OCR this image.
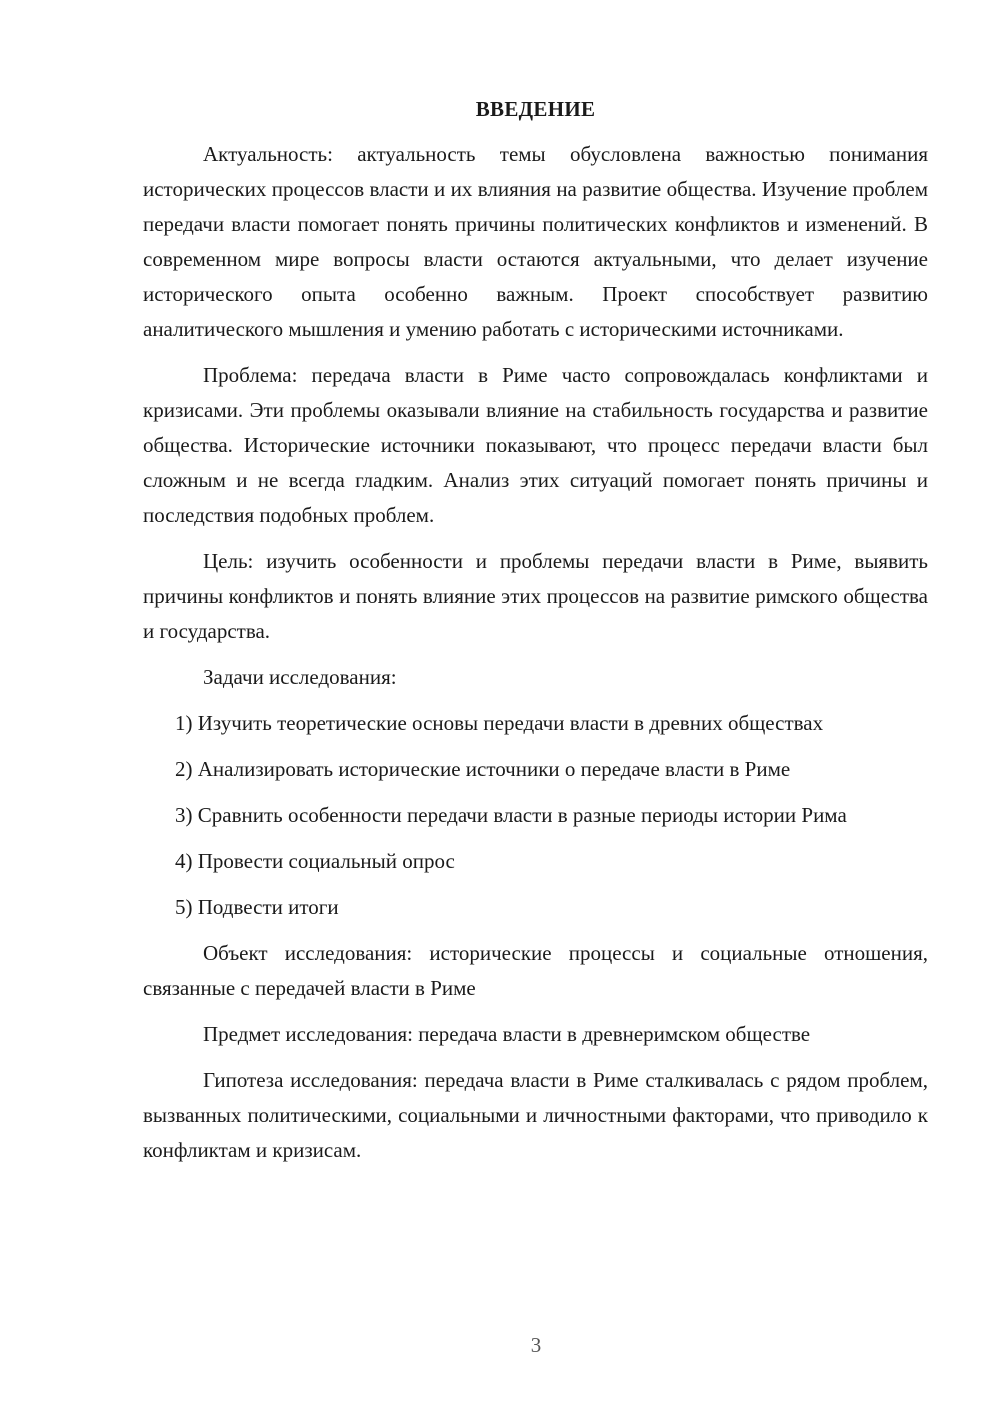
ВВЕДЕНИЕ
Актуальность: актуальность темы обусловлена важностью понимания исторических процессов власти и их влияния на развитие общества. Изучение проблем передачи власти помогает понять причины политических конфликтов и изменений. В современном мире вопросы власти остаются актуальными, что делает изучение исторического опыта особенно важным. Проект способствует развитию аналитического мышления и умению работать с историческими источниками.
Проблема: передача власти в Риме часто сопровождалась конфликтами и кризисами. Эти проблемы оказывали влияние на стабильность государства и развитие общества. Исторические источники показывают, что процесс передачи власти был сложным и не всегда гладким. Анализ этих ситуаций помогает понять причины и последствия подобных проблем.
Цель: изучить особенности и проблемы передачи власти в Риме, выявить причины конфликтов и понять влияние этих процессов на развитие римского общества и государства.
Задачи исследования:
1) Изучить теоретические основы передачи власти в древних обществах
2) Анализировать исторические источники о передаче власти в Риме
3) Сравнить особенности передачи власти в разные периоды истории Рима
4) Провести социальный опрос
5) Подвести итоги
Объект исследования: исторические процессы и социальные отношения, связанные с передачей власти в Риме
Предмет исследования: передача власти в древнеримском обществе
Гипотеза исследования: передача власти в Риме сталкивалась с рядом проблем, вызванных политическими, социальными и личностными факторами, что приводило к конфликтам и кризисам.
3
